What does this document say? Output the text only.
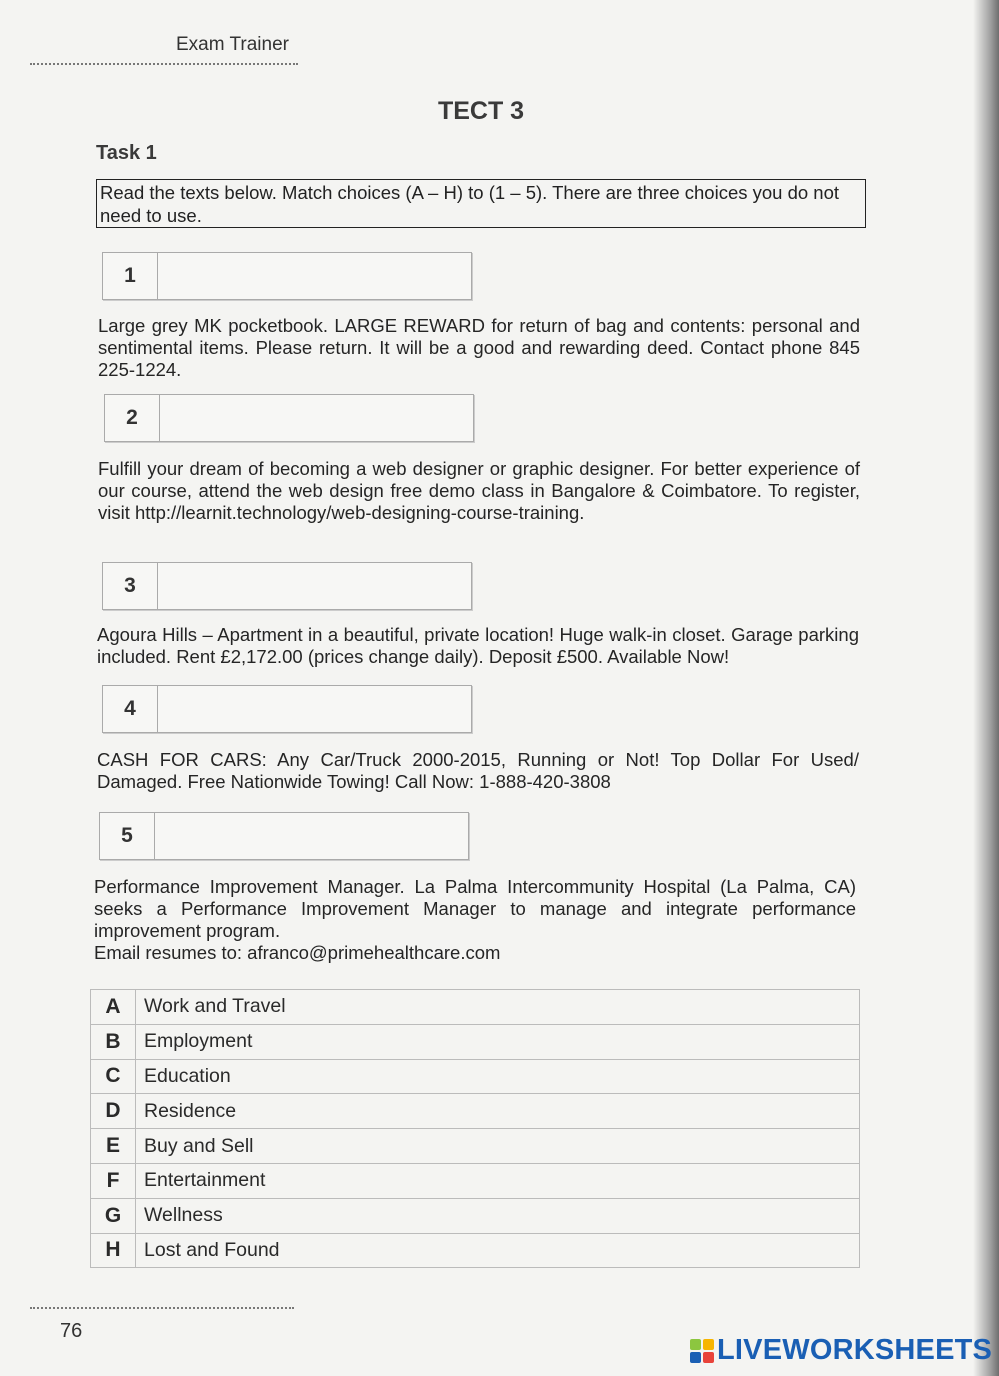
Exam Trainer
TECT 3
Task 1
Read the texts below. Match choices (A – H) to (1 – 5). There are three choices you do not need to use.
1

Large grey MK pocketbook. LARGE REWARD for return of bag and contents: personal and sentimental items. Please return. It will be a good and rewarding deed. Contact phone 845 225-1224.

2

Fulfill your dream of becoming a web designer or graphic designer. For better experience of our course, attend the web design free demo class in Bangalore & Coimbatore. To register, visit http://learnit.technology/web-designing-course-training.

3

Agoura Hills – Apartment in a beautiful, private location! Huge walk-in closet. Garage parking included. Rent £2,172.00 (prices change daily). Deposit £500. Available Now!

4

CASH FOR CARS: Any Car/Truck 2000-2015, Running or Not! Top Dollar For Used/ Damaged. Free Nationwide Towing! Call Now: 1-888-420-3808

5

Performance Improvement Manager. La Palma Intercommunity Hospital (La Palma, CA) seeks a Performance Improvement Manager to manage and integrate performance improvement program.

Email resumes to: afranco@primehealthcare.com

A	Work and Travel
B	Employment
C	Education
D	Residence
E	Buy and Sell
F	Entertainment
G	Wellness
H	Lost and Found
76
LIVEWORKSHEETS
